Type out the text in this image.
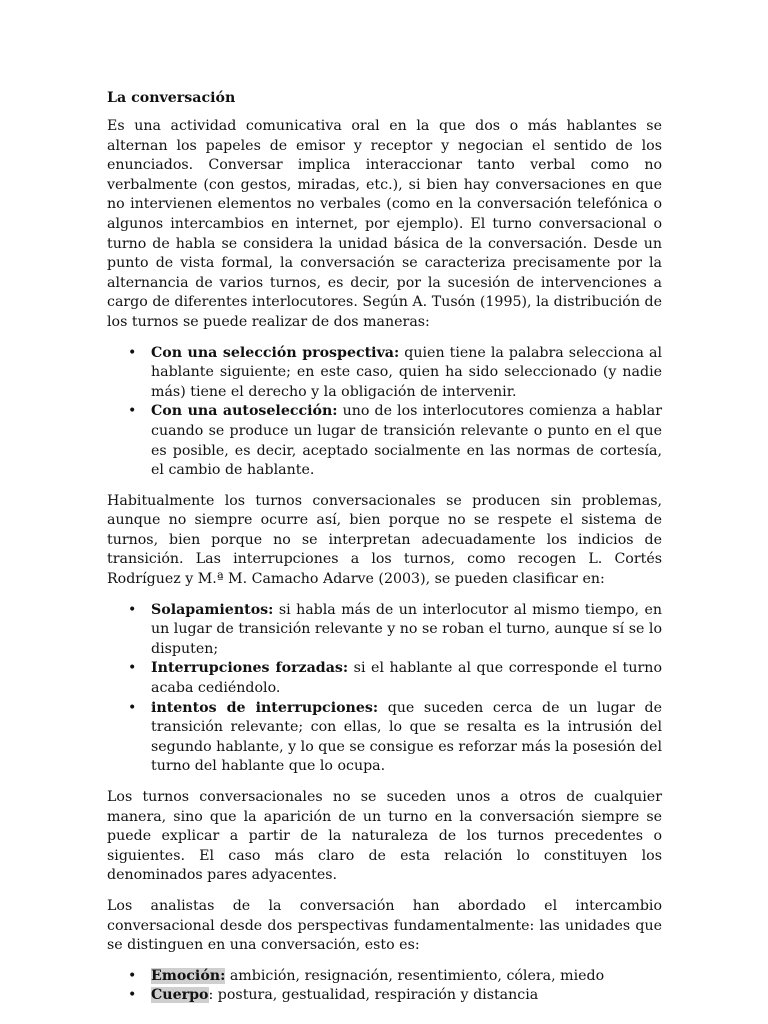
La conversación

Es una actividad comunicativa oral en la que dos o más hablantes se alternan los papeles de emisor y receptor y negocian el sentido de los enunciados. Conversar implica interaccionar tanto verbal como no verbalmente (con gestos, miradas, etc.), si bien hay conversaciones en que no intervienen elementos no verbales (como en la conversación telefónica o algunos intercambios en internet, por ejemplo). El turno conversacional o turno de habla se considera la unidad básica de la conversación. Desde un punto de vista formal, la conversación se caracteriza precisamente por la alternancia de varios turnos, es decir, por la sucesión de intervenciones a cargo de diferentes interlocutores. Según A. Tusón (1995), la distribución de los turnos se puede realizar de dos maneras:

• Con una selección prospectiva: quien tiene la palabra selecciona al hablante siguiente; en este caso, quien ha sido seleccionado (y nadie más) tiene el derecho y la obligación de intervenir.
• Con una autoselección: uno de los interlocutores comienza a hablar cuando se produce un lugar de transición relevante o punto en el que es posible, es decir, aceptado socialmente en las normas de cortesía, el cambio de hablante.

Habitualmente los turnos conversacionales se producen sin problemas, aunque no siempre ocurre así, bien porque no se respete el sistema de turnos, bien porque no se interpretan adecuadamente los indicios de transición. Las interrupciones a los turnos, como recogen L. Cortés Rodríguez y M.ª M. Camacho Adarve (2003), se pueden clasificar en:

• Solapamientos: si habla más de un interlocutor al mismo tiempo, en un lugar de transición relevante y no se roban el turno, aunque sí se lo disputen;
• Interrupciones forzadas: si el hablante al que corresponde el turno acaba cediéndolo.
• intentos de interrupciones: que suceden cerca de un lugar de transición relevante; con ellas, lo que se resalta es la intrusión del segundo hablante, y lo que se consigue es reforzar más la posesión del turno del hablante que lo ocupa.

Los turnos conversacionales no se suceden unos a otros de cualquier manera, sino que la aparición de un turno en la conversación siempre se puede explicar a partir de la naturaleza de los turnos precedentes o siguientes. El caso más claro de esta relación lo constituyen los denominados pares adyacentes.

Los analistas de la conversación han abordado el intercambio conversacional desde dos perspectivas fundamentalmente: las unidades que se distinguen en una conversación, esto es:

• Emoción: ambición, resignación, resentimiento, cólera, miedo
• Cuerpo: postura, gestualidad, respiración y distancia
